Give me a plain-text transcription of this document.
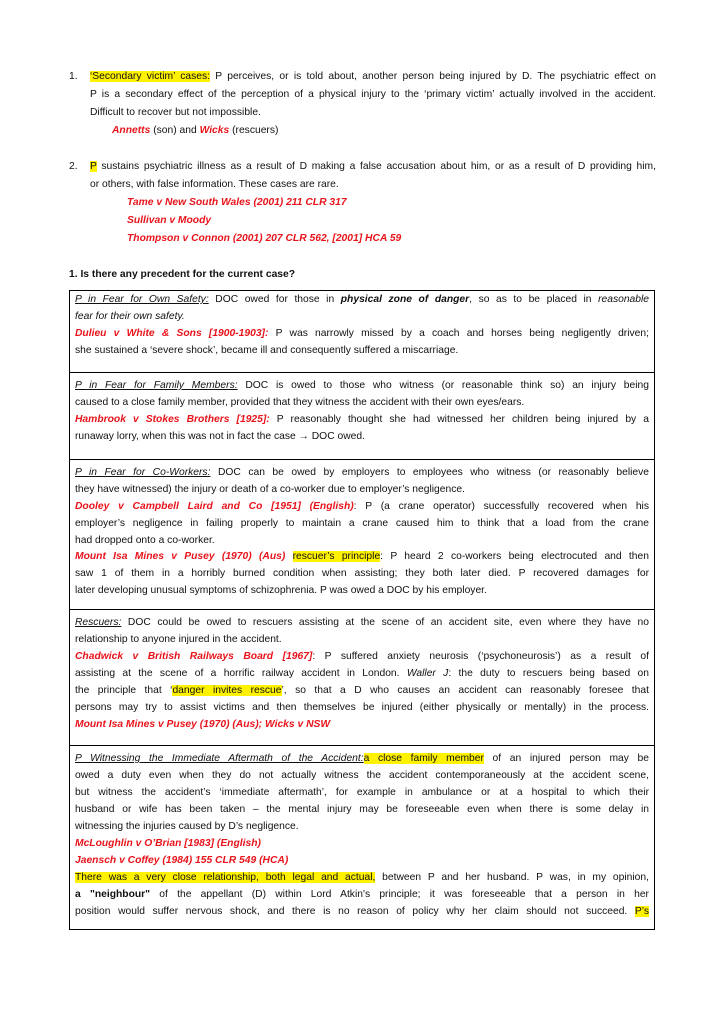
1. ‘Secondary victim’ cases: P perceives, or is told about, another person being injured by D. The psychiatric effect on
P is a secondary effect of the perception of a physical injury to the ‘primary victim’ actually involved in the accident.
Difficult to recover but not impossible.
Annetts (son) and Wicks (rescuers)
2. P sustains psychiatric illness as a result of D making a false accusation about him, or as a result of D providing him,
or others, with false information. These cases are rare.
Tame v New South Wales (2001) 211 CLR 317
Sullivan v Moody
Thompson v Connon (2001) 207 CLR 562, [2001] HCA 59
1. Is there any precedent for the current case?
P in Fear for Own Safety: DOC owed for those in physical zone of danger, so as to be placed in reasonable
fear for their own safety.
Dulieu v White & Sons [1900-1903]: P was narrowly missed by a coach and horses being negligently driven;
she sustained a ‘severe shock’, became ill and consequently suffered a miscarriage.
P in Fear for Family Members: DOC is owed to those who witness (or reasonable think so) an injury being
caused to a close family member, provided that they witness the accident with their own eyes/ears.
Hambrook v Stokes Brothers [1925]: P reasonably thought she had witnessed her children being injured by a
runaway lorry, when this was not in fact the case → DOC owed.
P in Fear for Co-Workers: DOC can be owed by employers to employees who witness (or reasonably believe
they have witnessed) the injury or death of a co-worker due to employer’s negligence.
Dooley v Campbell Laird and Co [1951] (English): P (a crane operator) successfully recovered when his
employer’s negligence in failing properly to maintain a crane caused him to think that a load from the crane
had dropped onto a co-worker.
Mount Isa Mines v Pusey (1970) (Aus) rescuer’s principle: P heard 2 co-workers being electrocuted and then
saw 1 of them in a horribly burned condition when assisting; they both later died. P recovered damages for
later developing unusual symptoms of schizophrenia. P was owed a DOC by his employer.
Rescuers: DOC could be owed to rescuers assisting at the scene of an accident site, even where they have no
relationship to anyone injured in the accident.
Chadwick v British Railways Board [1967]: P suffered anxiety neurosis (‘psychoneurosis’) as a result of
assisting at the scene of a horrific railway accident in London. Waller J: the duty to rescuers being based on
the principle that ‘danger invites rescue’, so that a D who causes an accident can reasonably foresee that
persons may try to assist victims and then themselves be injured (either physically or mentally) in the process.
Mount Isa Mines v Pusey (1970) (Aus); Wicks v NSW
P Witnessing the Immediate Aftermath of the Accident:a close family member of an injured person may be
owed a duty even when they do not actually witness the accident contemporaneously at the accident scene,
but witness the accident’s ‘immediate aftermath’, for example in ambulance or at a hospital to which their
husband or wife has been taken – the mental injury may be foreseeable even when there is some delay in
witnessing the injuries caused by D’s negligence.
McLoughlin v O’Brian [1983] (English)
Jaensch v Coffey (1984) 155 CLR 549 (HCA)
There was a very close relationship, both legal and actual, between P and her husband. P was, in my opinion,
a "neighbour" of the appellant (D) within Lord Atkin's principle; it was foreseeable that a person in her
position would suffer nervous shock, and there is no reason of policy why her claim should not succeed. P’s
